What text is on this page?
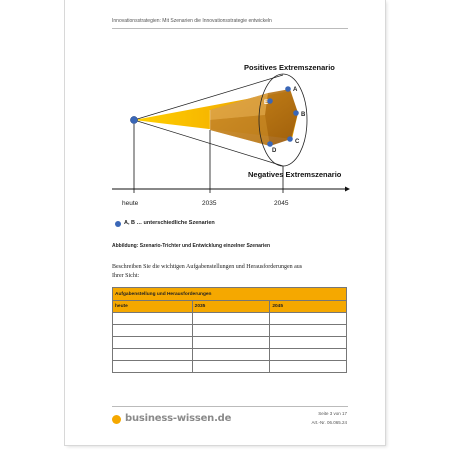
Innovationsstrategien: Mit Szenarien die Innovationsstrategie entwickeln
A
B
C
D
E
Positives Extremszenario
Negatives Extremszenario
heute	2035	2045
A, B … unterschiedliche Szenarien
Abbildung: Szenario-Trichter und Entwicklung einzelner Szenarien
Beschreiben Sie die wichtigen Aufgabenstellungen und Herausforderungen aus Ihrer Sicht:
Aufgabenstellung und Herausforderungen		
heute	2035	2045

business-wissen.de	Seite 3 von 17
Art.-Nr. 06.065.24
